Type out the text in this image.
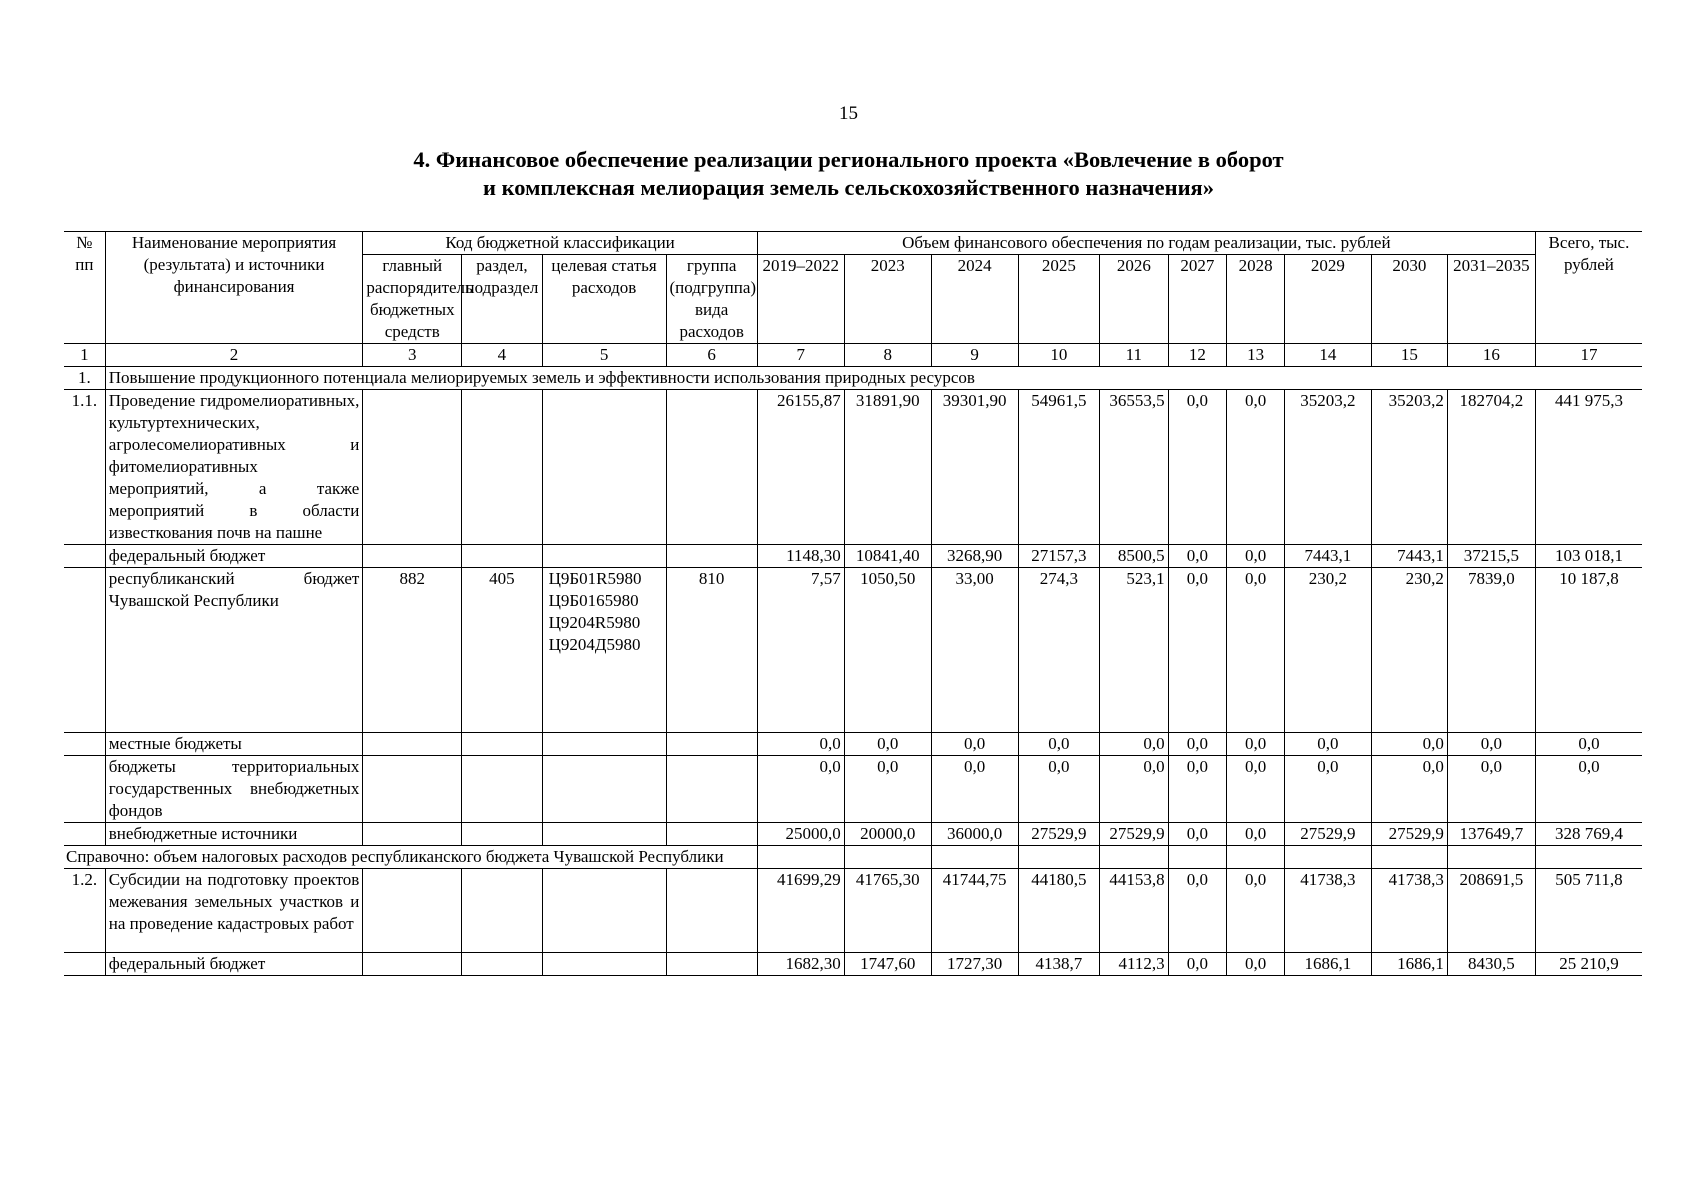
15
4. Финансовое обеспечение реализации регионального проекта «Вовлечение в оборот
и комплексная мелиорация земель сельскохозяйственного назначения»
№ пп	Наименование мероприятия (результата) и источники финансирования	Код бюджетной классификации				Объем финансового обеспечения по годам реализации, тыс. рублей										Всего, тыс. рублей
		главный распорядитель бюджетных средств	раздел, подраздел	целевая статья расходов	группа (подгруппа) вида расходов	2019–2022	2023	2024	2025	2026	2027	2028	2029	2030	2031–2035	
1	2	3	4	5	6	7	8	9	10	11	12	13	14	15	16	17
1.	Повышение продукционного потенциала мелиорируемых земель и эффективности использования природных ресурсов															
1.1.	Проведение гидромелиоративных, культуртехнических, агролесомелиоративных и фитомелиоративных мероприятий, а также мероприятий в области известкования почв на пашне					26155,87	31891,90	39301,90	54961,5	36553,5	0,0	0,0	35203,2	35203,2	182704,2	441 975,3
	федеральный бюджет					1148,30	10841,40	3268,90	27157,3	8500,5	0,0	0,0	7443,1	7443,1	37215,5	103 018,1
	республиканский бюджет Чувашской Республики	882	405	Ц9Б01R5980 Ц9Б0165980 Ц9204R5980 Ц9204Д5980	810	7,57	1050,50	33,00	274,3	523,1	0,0	0,0	230,2	230,2	7839,0	10 187,8
	местные бюджеты					0,0	0,0	0,0	0,0	0,0	0,0	0,0	0,0	0,0	0,0	0,0
	бюджеты территориальных государственных внебюджетных фондов					0,0	0,0	0,0	0,0	0,0	0,0	0,0	0,0	0,0	0,0	0,0
	внебюджетные источники					25000,0	20000,0	36000,0	27529,9	27529,9	0,0	0,0	27529,9	27529,9	137649,7	328 769,4
Справочно: объем налоговых расходов республиканского бюджета Чувашской Республики																
1.2.	Субсидии на подготовку проектов межевания земельных участков и на проведение кадастровых работ					41699,29	41765,30	41744,75	44180,5	44153,8	0,0	0,0	41738,3	41738,3	208691,5	505 711,8
	федеральный бюджет					1682,30	1747,60	1727,30	4138,7	4112,3	0,0	0,0	1686,1	1686,1	8430,5	25 210,9
